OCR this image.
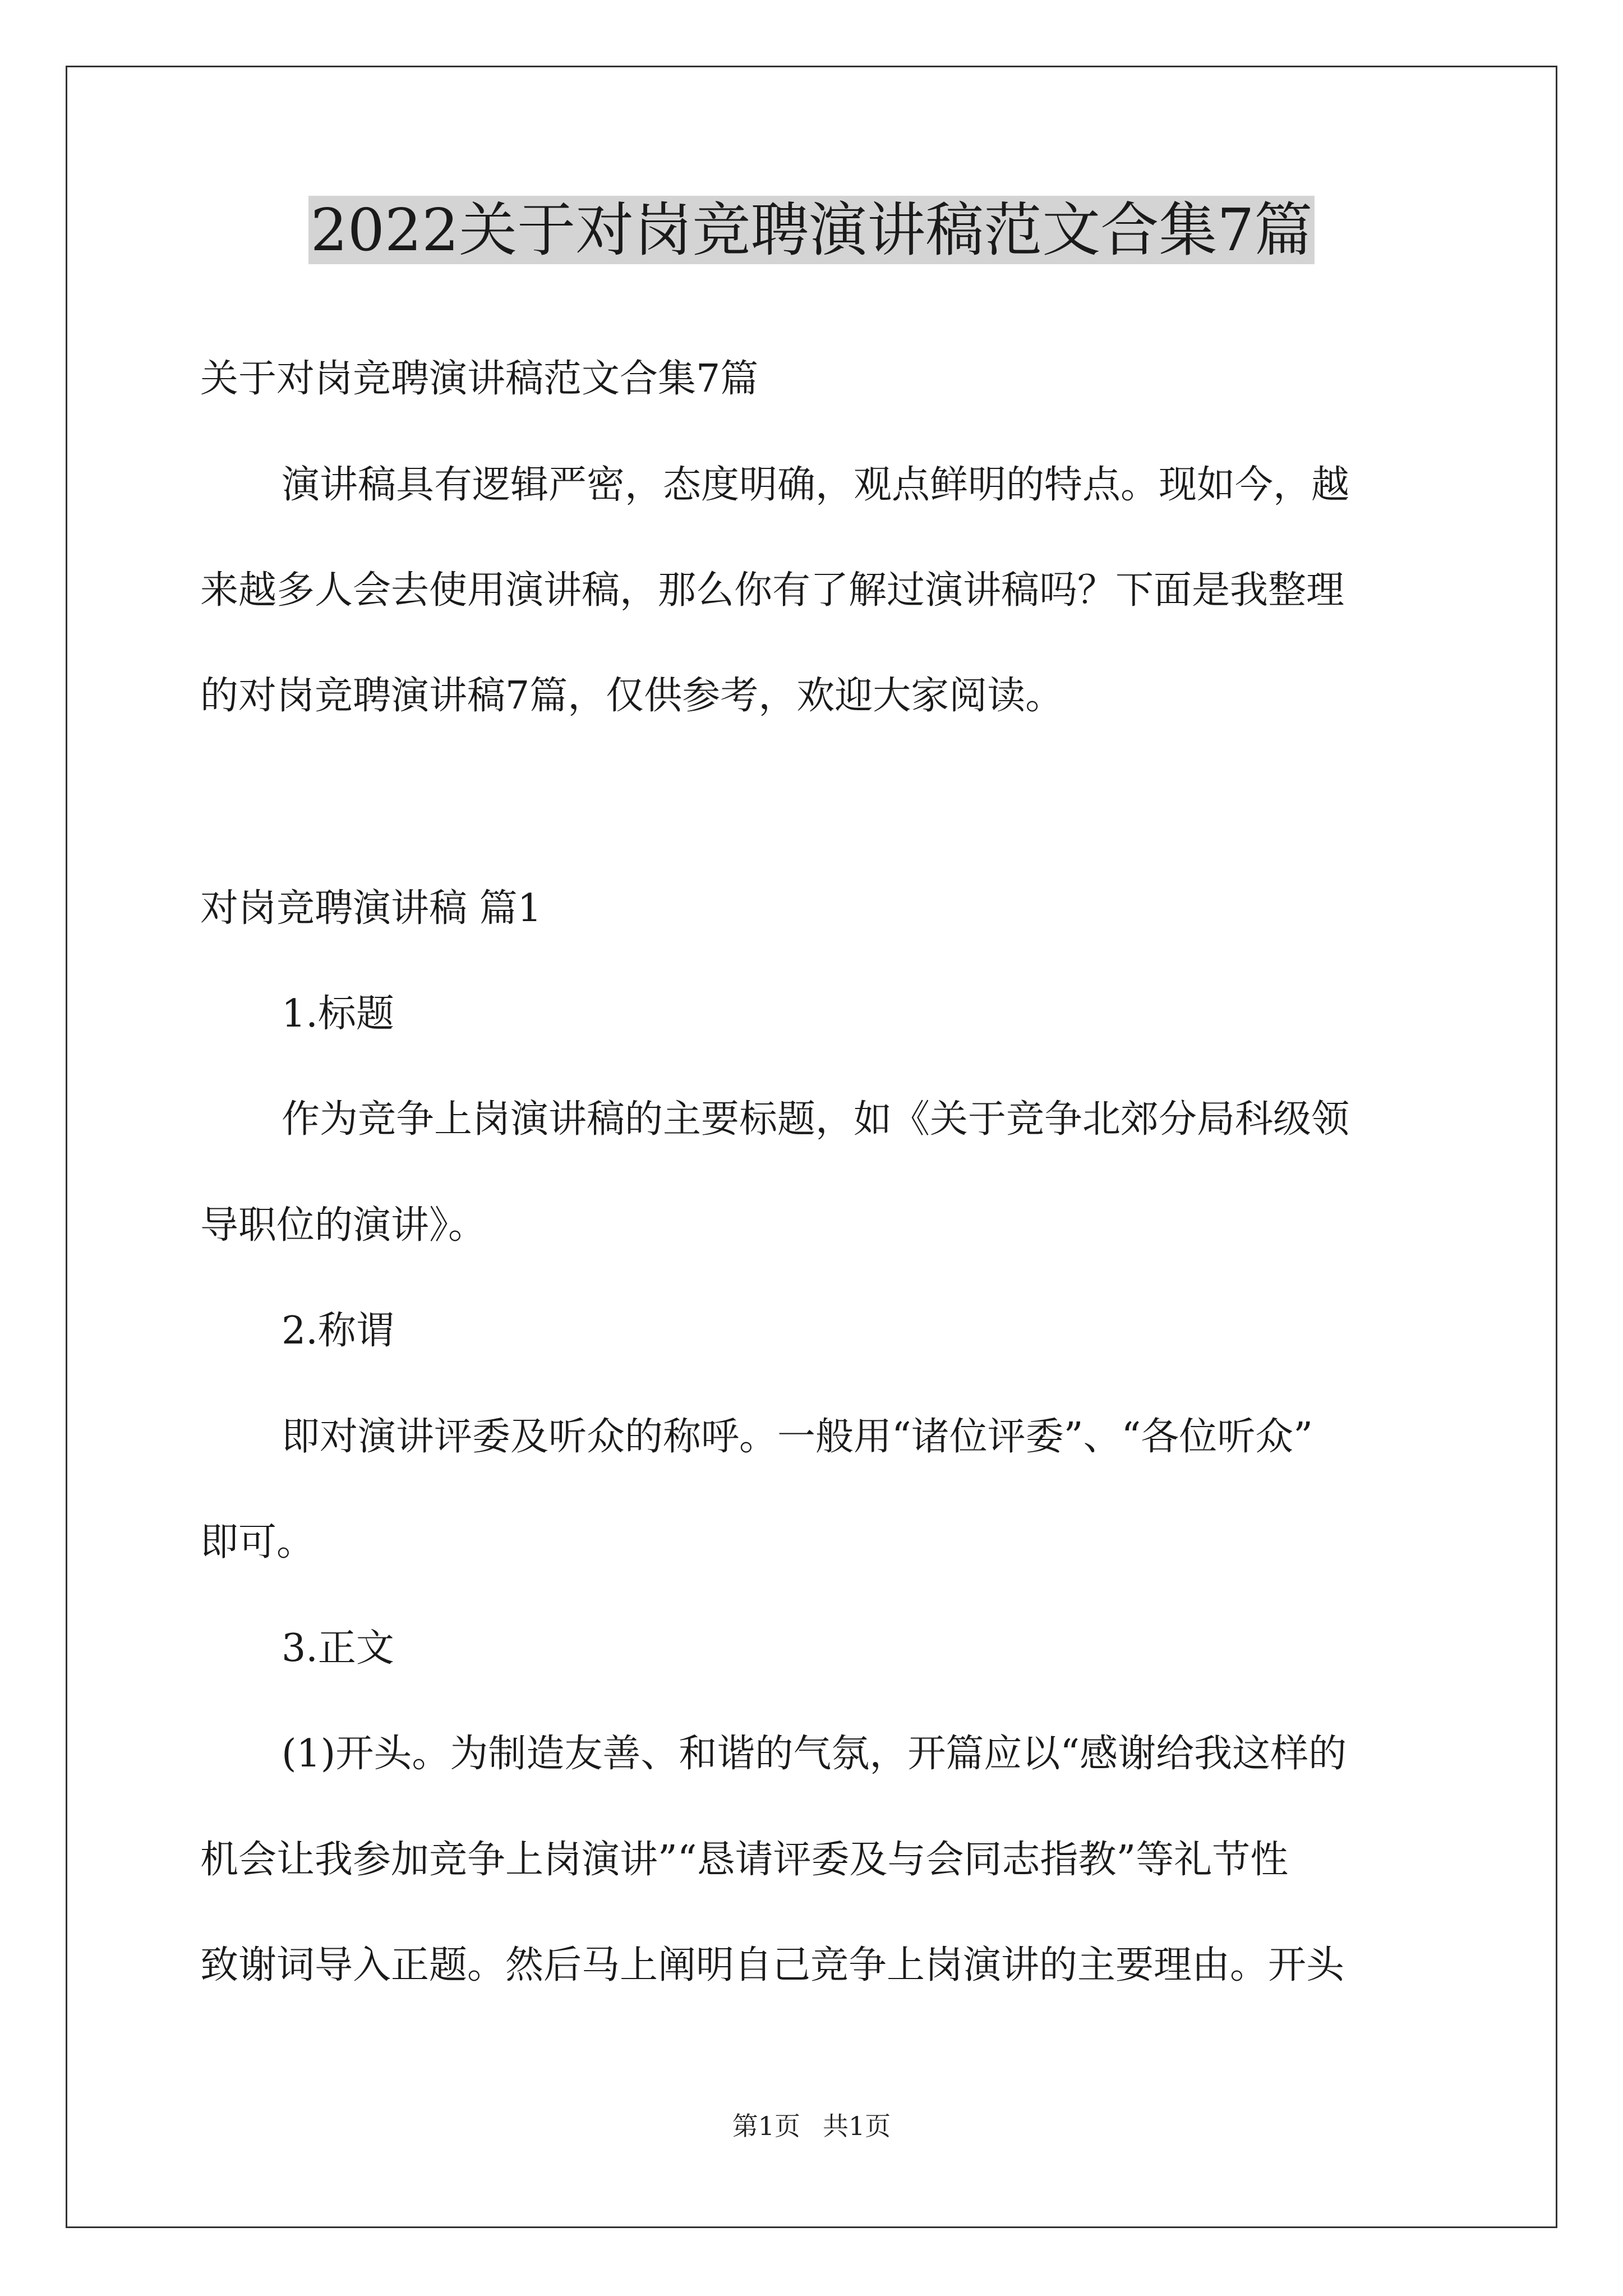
2022关于对岗竞聘演讲稿范文合集7篇
关于对岗竞聘演讲稿范文合集7篇
演讲稿具有逻辑严密，态度明确，观点鲜明的特点。现如今，越
来越多人会去使用演讲稿，那么你有了解过演讲稿吗？下面是我整理
的对岗竞聘演讲稿7篇，仅供参考，欢迎大家阅读。
对岗竞聘演讲稿 篇1
1.标题
作为竞争上岗演讲稿的主要标题，如《关于竞争北郊分局科级领
导职位的演讲》。
2.称谓
即对演讲评委及听众的称呼。一般用“诸位评委”、“各位听众”
即可。
3.正文
(1)开头。为制造友善、和谐的气氛，开篇应以“感谢给我这样的
机会让我参加竞争上岗演讲”“恳请评委及与会同志指教”等礼节性
致谢词导入正题。然后马上阐明自己竞争上岗演讲的主要理由。开头
第1页 共1页
